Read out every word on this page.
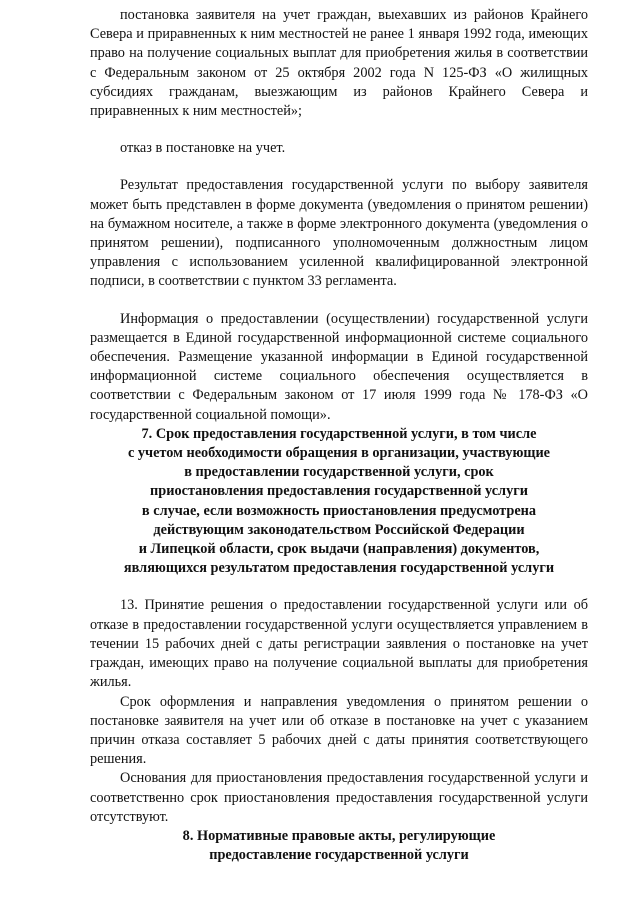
постановка заявителя на учет граждан, выехавших из районов Крайнего Севера и приравненных к ним местностей не ранее 1 января 1992 года, имеющих право на получение социальных выплат для приобретения жилья в соответствии с Федеральным законом от 25 октября 2002 года N 125-ФЗ «О жилищных субсидиях гражданам, выезжающим из районов Крайнего Севера и приравненных к ним местностей»;

отказ в постановке на учет.

Результат предоставления государственной услуги по выбору заявителя может быть представлен в форме документа (уведомления о принятом решении) на бумажном носителе, а также в форме электронного документа (уведомления о принятом решении), подписанного уполномоченным должностным лицом управления с использованием усиленной квалифицированной электронной подписи, в соответствии с пунктом 33 регламента.

Информация о предоставлении (осуществлении) государственной услуги размещается в Единой государственной информационной системе социального обеспечения. Размещение указанной информации в Единой государственной информационной системе социального обеспечения осуществляется в соответствии с Федеральным законом от 17 июля 1999 года № 178-ФЗ «О государственной социальной помощи».

7. Срок предоставления государственной услуги, в том числе
с учетом необходимости обращения в организации, участвующие
в предоставлении государственной услуги, срок
приостановления предоставления государственной услуги
в случае, если возможность приостановления предусмотрена
действующим законодательством Российской Федерации
и Липецкой области, срок выдачи (направления) документов,
являющихся результатом предоставления государственной услуги

13. Принятие решения о предоставлении государственной услуги или об отказе в предоставлении государственной услуги осуществляется управлением в течении 15 рабочих дней с даты регистрации заявления о постановке на учет граждан, имеющих право на получение социальной выплаты для приобретения жилья.

Срок оформления и направления уведомления о принятом решении о постановке заявителя на учет или об отказе в постановке на учет с указанием причин отказа составляет 5 рабочих дней с даты принятия соответствующего решения.

Основания для приостановления предоставления государственной услуги и соответственно срок приостановления предоставления государственной услуги отсутствуют.

8. Нормативные правовые акты, регулирующие
предоставление государственной услуги
